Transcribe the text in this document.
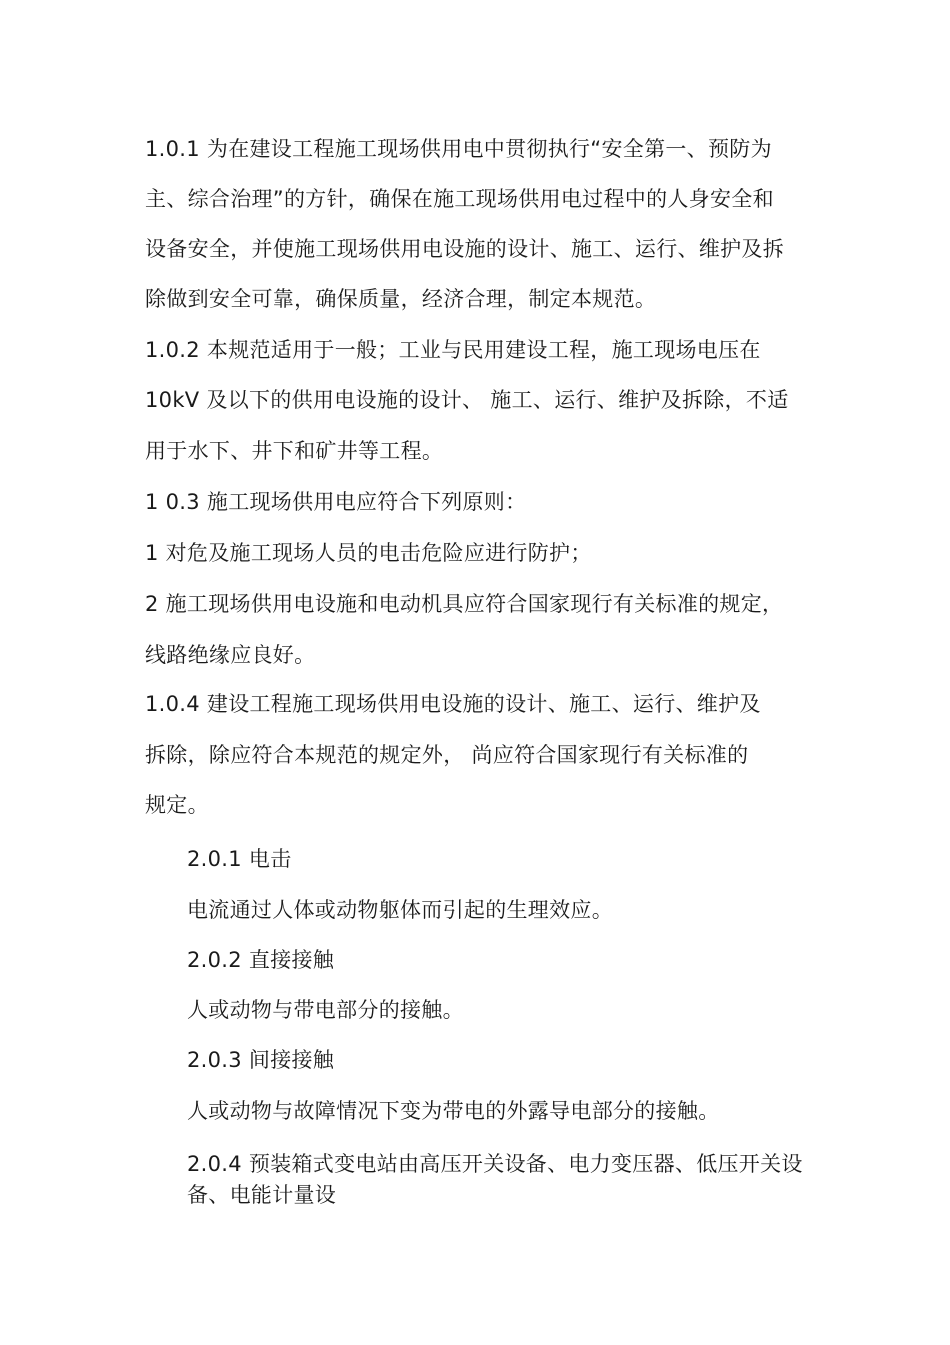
1.0.1 为在建设工程施工现场供用电中贯彻执行“安全第一、预防为
主、综合治理”的方针，确保在施工现场供用电过程中的人身安全和
设备安全，并使施工现场供用电设施的设计、施工、运行、维护及拆
除做到安全可靠，确保质量，经济合理，制定本规范。
1.0.2 本规范适用于一般；工业与民用建设工程，施工现场电压在
10kV 及以下的供用电设施的设计、 施工、运行、维护及拆除，不适
用于水下、井下和矿井等工程。
1 0.3 施工现场供用电应符合下列原则：
1 对危及施工现场人员的电击危险应进行防护；
2 施工现场供用电设施和电动机具应符合国家现行有关标准的规定，
线路绝缘应良好。
1.0.4 建设工程施工现场供用电设施的设计、施工、运行、维护及
拆除，除应符合本规范的规定外， 尚应符合国家现行有关标准的
规定。
2.0.1 电击
电流通过人体或动物躯体而引起的生理效应。
2.0.2 直接接触
人或动物与带电部分的接触。
2.0.3 间接接触
人或动物与故障情况下变为带电的外露导电部分的接触。
2.0.4 预装箱式变电站由高压开关设备、电力变压器、低压开关设
备、电能计量设
